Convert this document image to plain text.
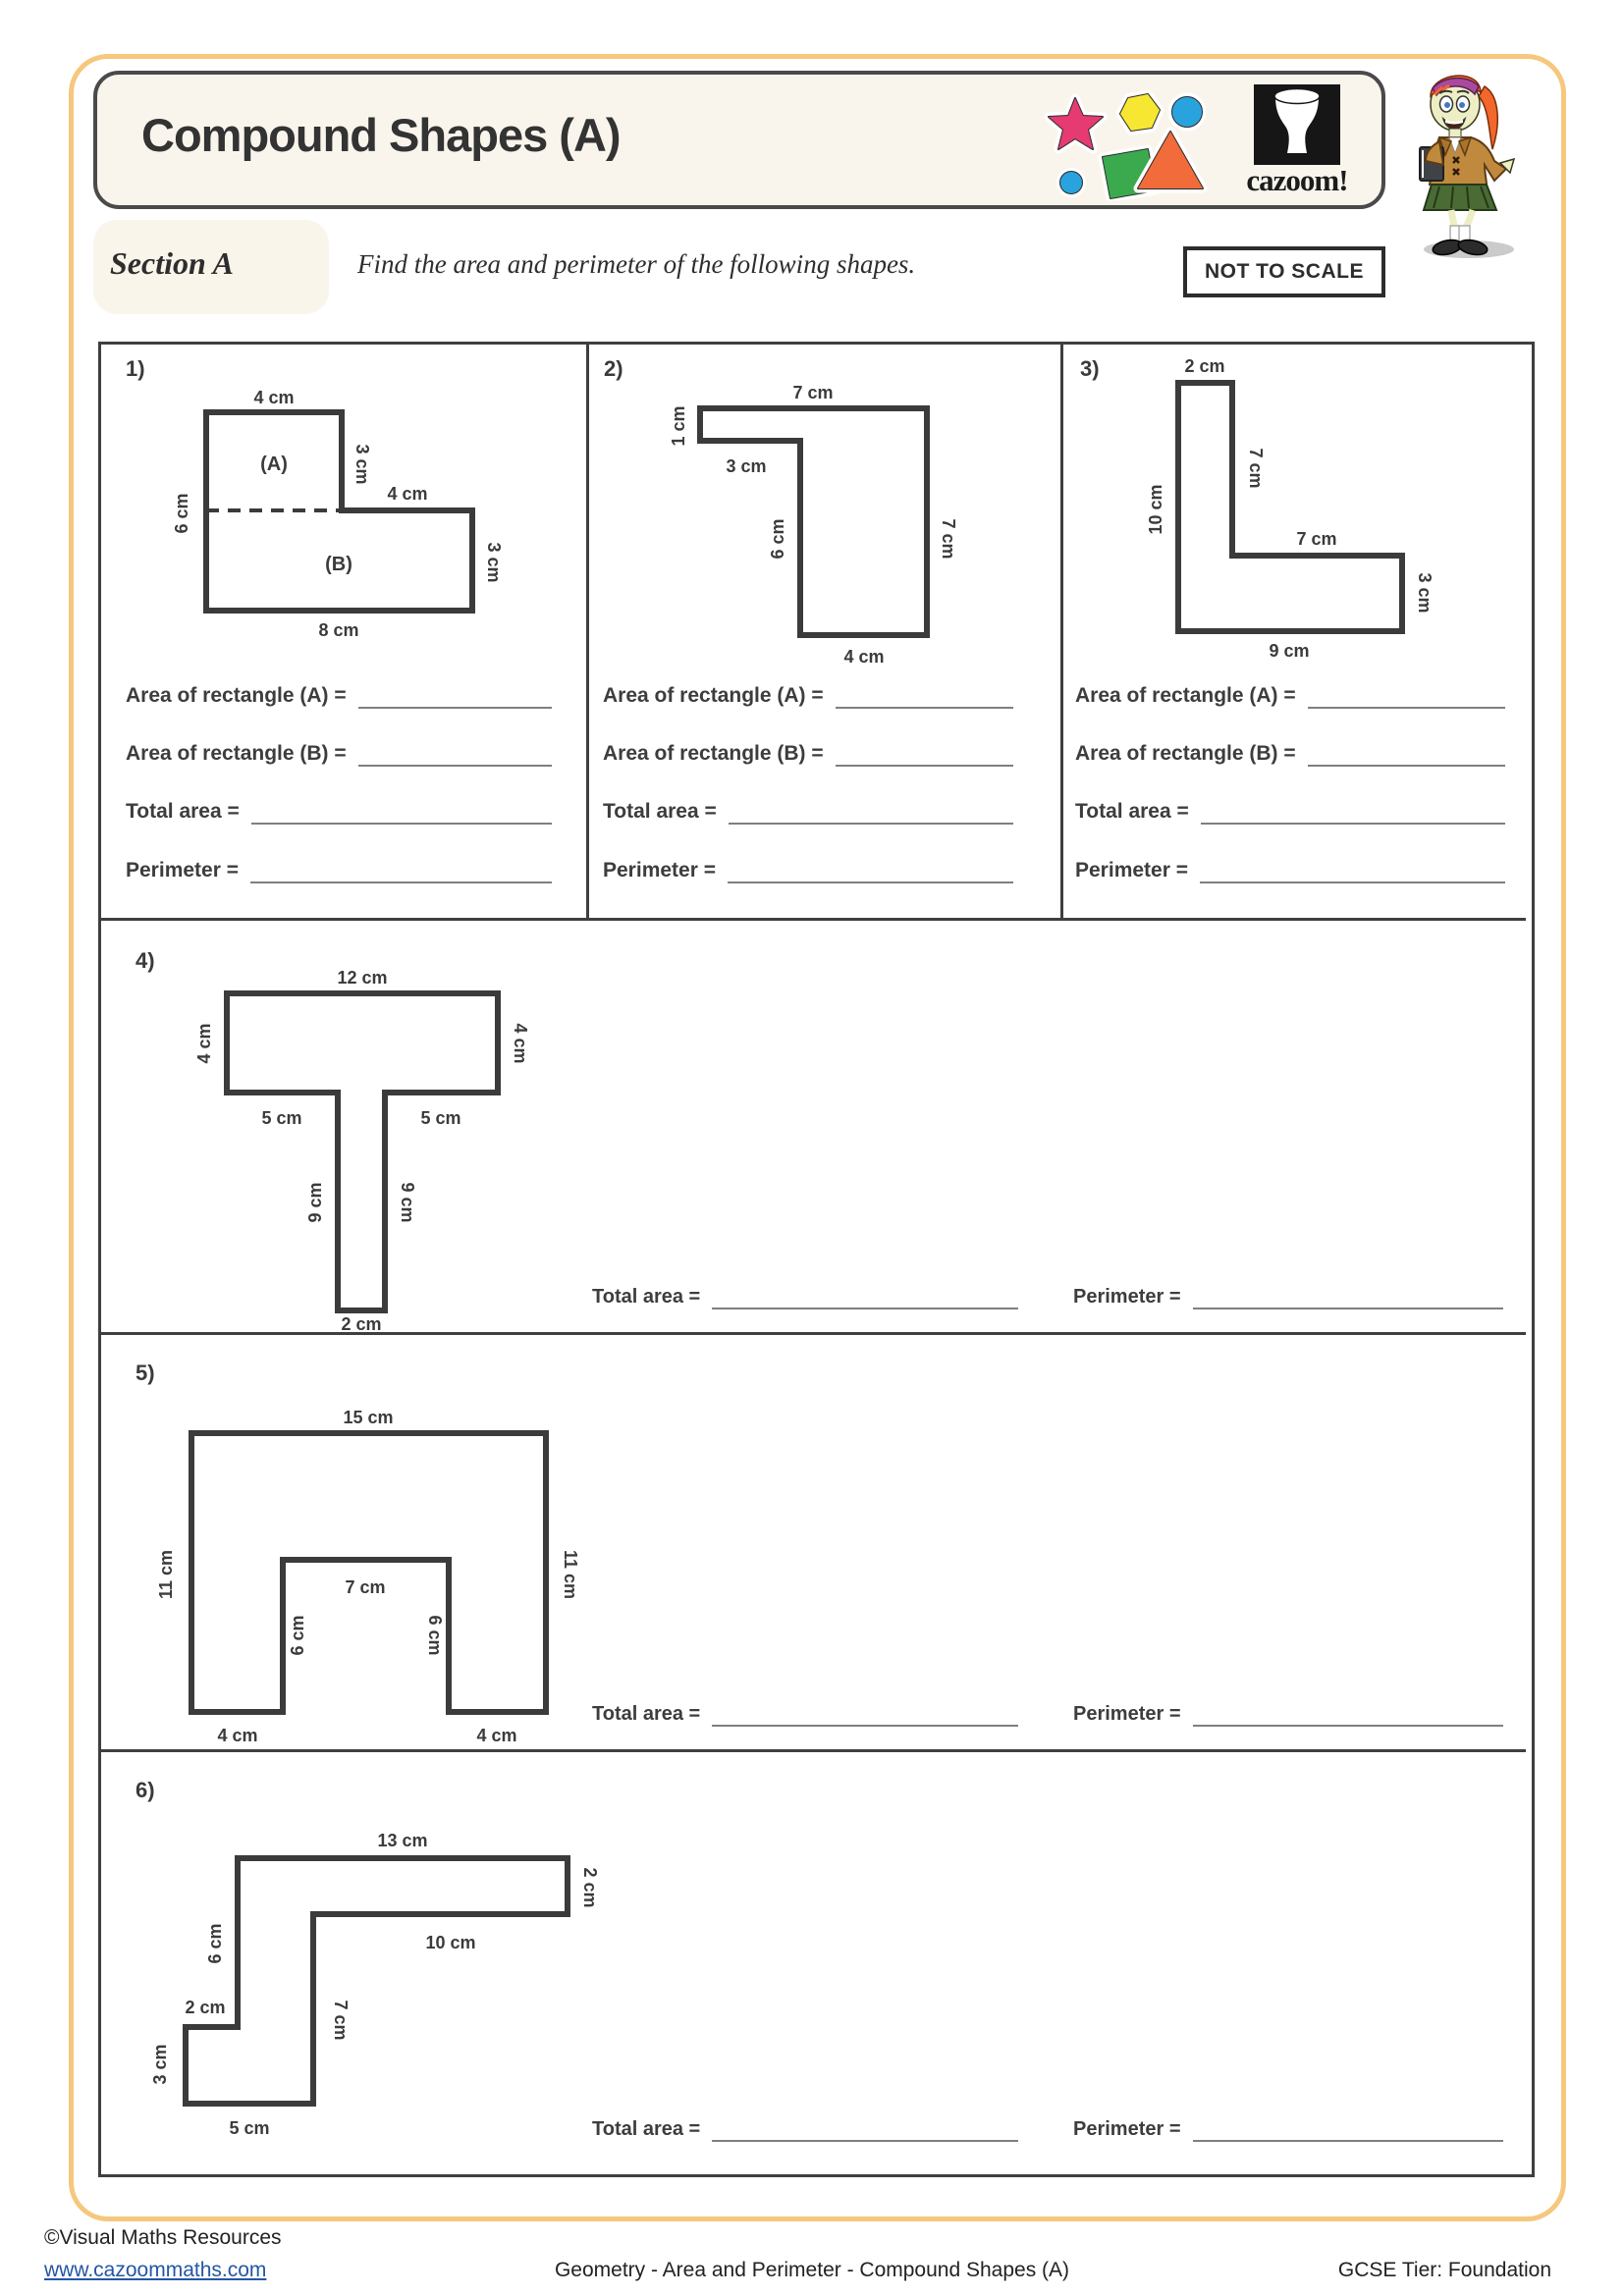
Compound Shapes (A)
cazoom!
Section A	Find the area and perimeter of the following shapes.	NOT TO SCALE
1)
4 cm
3 cm
(A)
6 cm	4 cm
3 cm
(B)
8 cm
Area of rectangle (A) =
Area of rectangle (B) =
Total area =
Perimeter =
2)
7 cm
1 cm
3 cm
6 cm	7 cm
4 cm
Area of rectangle (A) =
Area of rectangle (B) =
Total area =
Perimeter =
3)	2 cm
7 cm
10 cm
7 cm
3 cm
9 cm
Area of rectangle (A) =
Area of rectangle (B) =
Total area =
Perimeter =
4)
12 cm
4 cm	4 cm
5 cm	5 cm
9 cm	9 cm
2 cm
Total area =	Perimeter =
5)
15 cm
11 cm	11 cm
7 cm
6 cm	6 cm
4 cm	4 cm
Total area =	Perimeter =
6)
13 cm
2 cm
10 cm
6 cm
7 cm
2 cm
3 cm
5 cm	Total area =	Perimeter =
©Visual Maths Resources
www.cazoommaths.com	Geometry - Area and Perimeter - Compound Shapes (A)	GCSE Tier: Foundation
